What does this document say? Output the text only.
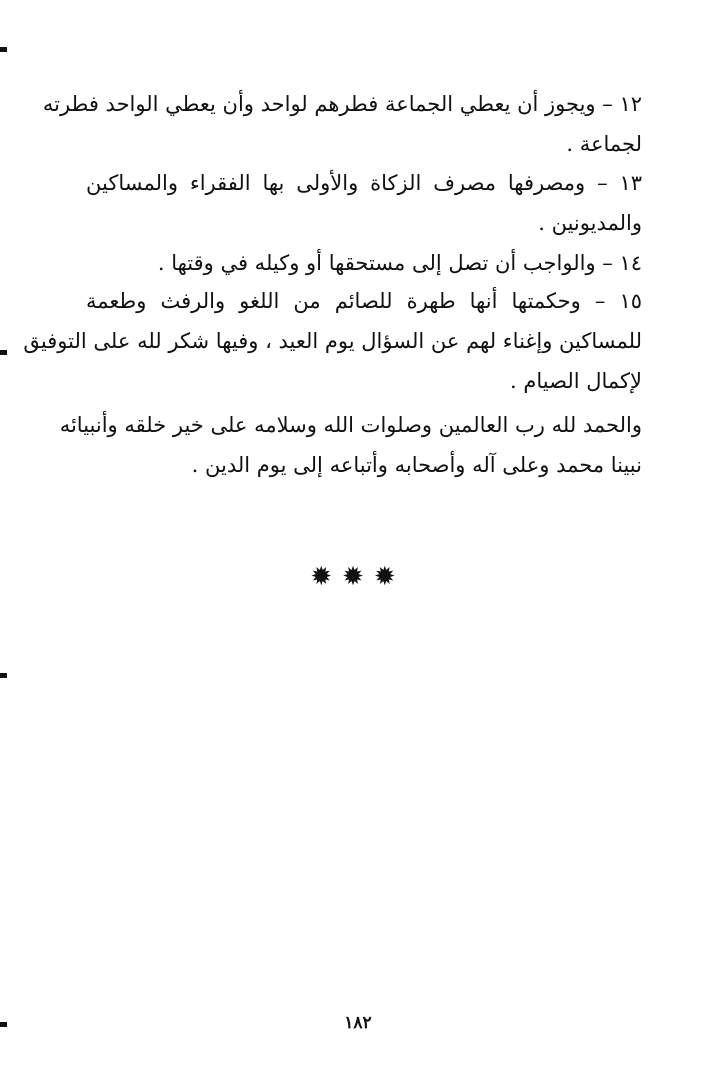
١٢ – ويجوز أن يعطي الجماعة فطرهم لواحد وأن يعطي الواحد فطرته
لجماعة .
١٣ – ومصرفها مصرف الزكاة والأولى بها الفقراء والمساكين
والمديونين .
١٤ – والواجب أن تصل إلى مستحقها أو وكيله في وقتها .
١٥ – وحكمتها أنها طهرة للصائم من اللغو والرفث وطعمة
للمساكين وإغناء لهم عن السؤال يوم العيد ، وفيها شكر لله على التوفيق
لإكمال الصيام .
والحمد لله رب العالمين وصلوات الله وسلامه على خير خلقه وأنبيائه
نبينا محمد وعلى آله وأصحابه وأتباعه إلى يوم الدين .
✹✹✹
١٨٢
